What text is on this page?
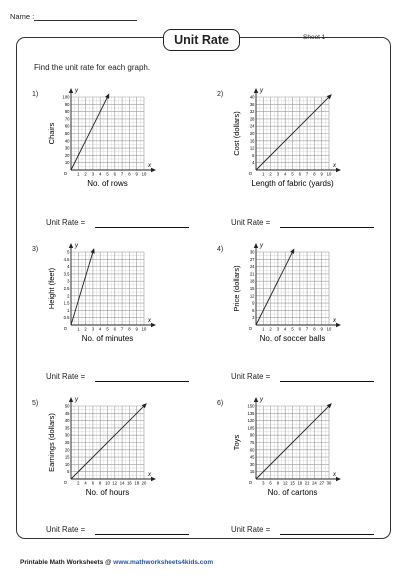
Name :
Unit Rate	Sheet 1
Find the unit rate for each graph.
1)	y
x
O 1 2 3 4 5 6 7 8 9 10
10
20
30
40
50
60
70
80
90
100
Chairs
No. of rows
Unit Rate =
2)	y
x
O 1 2 3 4 5 6 7 8 9 10
4
8
12
16
20
24
28
32
36
40
Cost (dollars)
Length of fabric (yards)
Unit Rate =
3)	y
x
O 1 2 3 4 5 6 7 8 9 10
0.5
1
1.5
2
2.5
3
3.5
4
4.5
5
Height (feet)
No. of minutes
Unit Rate =
4)	y
x
O 1 2 3 4 5 6 7 8 9 10
3
6
9
12
15
18
21
24
27
30
Price (dollars)
No. of soccer balls
Unit Rate =
5)	y
x
O 2 4 6 8 10 12 14 16 18 20
5
10
15
20
25
30
35
40
45
50
Earnings (dollars)
No. of hours
Unit Rate =
6)	y
x
O 3 6 9 12 15 18 21 24 27 30
15
30
45
60
75
90
105
120
135
150
Toys
No. of cartons
Unit Rate =
Printable Math Worksheets @ www.mathworksheets4kids.com
